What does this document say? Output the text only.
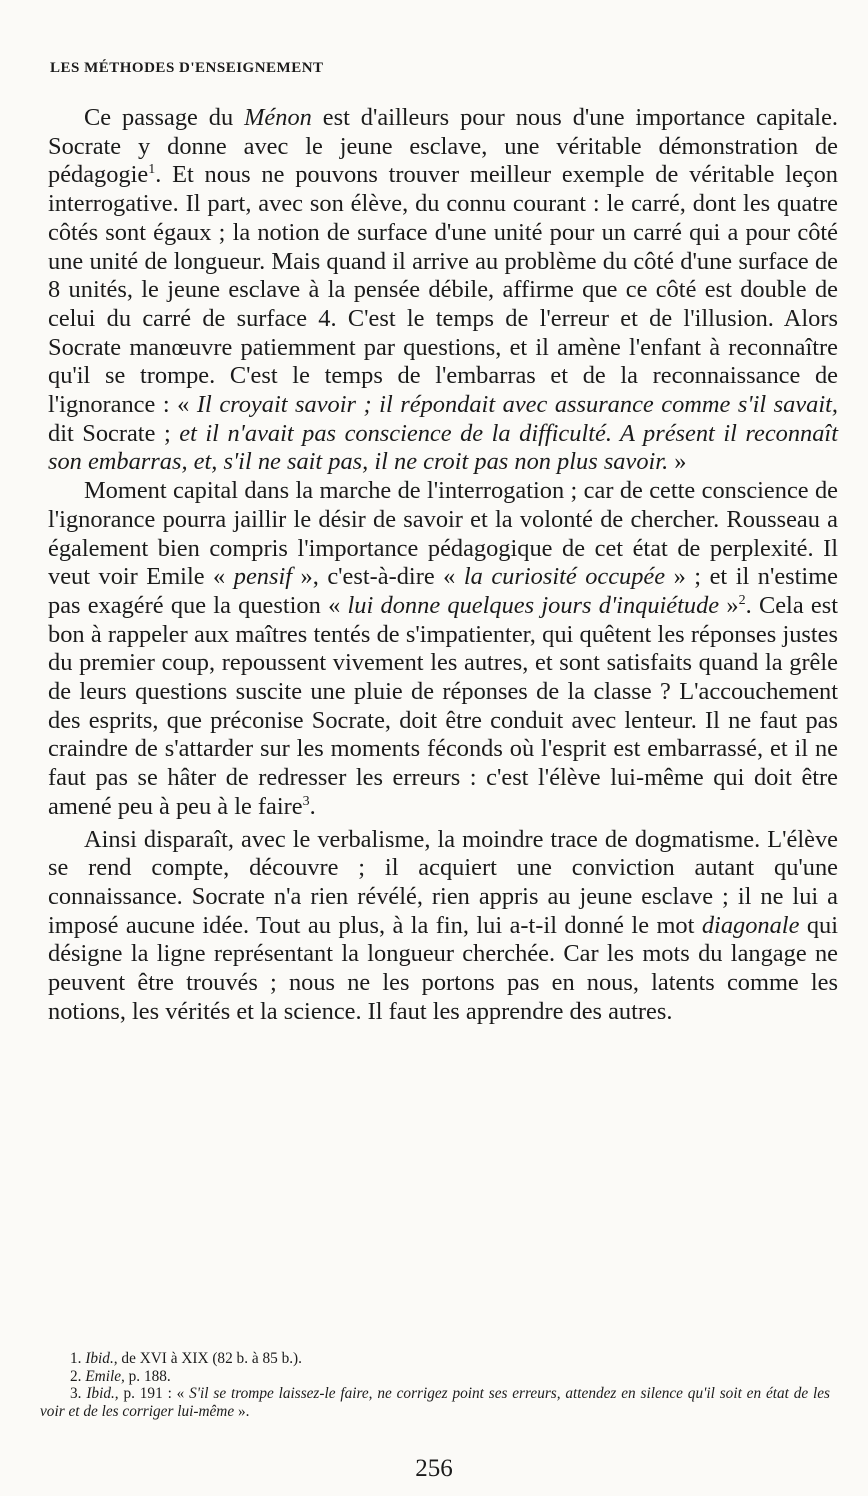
LES MÉTHODES D'ENSEIGNEMENT

Ce passage du Ménon est d'ailleurs pour nous d'une importance capitale. Socrate y donne avec le jeune esclave, une véritable démonstration de pédagogie$^1$. Et nous ne pouvons trouver meilleur exemple de véritable leçon interrogative. Il part, avec son élève, du connu courant : le carré, dont les quatre côtés sont égaux ; la notion de surface d'une unité pour un carré qui a pour côté une unité de longueur. Mais quand il arrive au problème du côté d'une surface de 8 unités, le jeune esclave à la pensée débile, affirme que ce côté est double de celui du carré de surface 4. C'est le temps de l'erreur et de l'illusion. Alors Socrate manœuvre patiemment par questions, et il amène l'enfant à reconnaître qu'il se trompe. C'est le temps de l'embarras et de la reconnaissance de l'ignorance : « Il croyait savoir ; il répondait avec assurance comme s'il savait, dit Socrate ; et il n'avait pas conscience de la difficulté. A présent il reconnaît son embarras, et, s'il ne sait pas, il ne croit pas non plus savoir. »

Moment capital dans la marche de l'interrogation ; car de cette conscience de l'ignorance pourra jaillir le désir de savoir et la volonté de chercher. Rousseau a également bien compris l'importance pédagogique de cet état de perplexité. Il veut voir Emile « pensif », c'est-à-dire « la curiosité occupée » ; et il n'estime pas exagéré que la question « lui donne quelques jours d'inquiétude »$^2$. Cela est bon à rappeler aux maîtres tentés de s'impatienter, qui quêtent les réponses justes du premier coup, repoussent vivement les autres, et sont satisfaits quand la grêle de leurs questions suscite une pluie de réponses de la classe ? L'accouchement des esprits, que préconise Socrate, doit être conduit avec lenteur. Il ne faut pas craindre de s'attarder sur les moments féconds où l'esprit est embarrassé, et il ne faut pas se hâter de redresser les erreurs : c'est l'élève lui-même qui doit être amené peu à peu à le faire$^3$.

Ainsi disparaît, avec le verbalisme, la moindre trace de dogmatisme. L'élève se rend compte, découvre ; il acquiert une conviction autant qu'une connaissance. Socrate n'a rien révélé, rien appris au jeune esclave ; il ne lui a imposé aucune idée. Tout au plus, à la fin, lui a-t-il donné le mot diagonale qui désigne la ligne représentant la longueur cherchée. Car les mots du langage ne peuvent être trouvés ; nous ne les portons pas en nous, latents comme les notions, les vérités et la science. Il faut les apprendre des autres.

1. Ibid., de XVI à XIX (82 b. à 85 b.).

2. Emile, p. 188.

3. Ibid., p. 191 : « S'il se trompe laissez-le faire, ne corrigez point ses erreurs, attendez en silence qu'il soit en état de les voir et de les corriger lui-même ».

256
